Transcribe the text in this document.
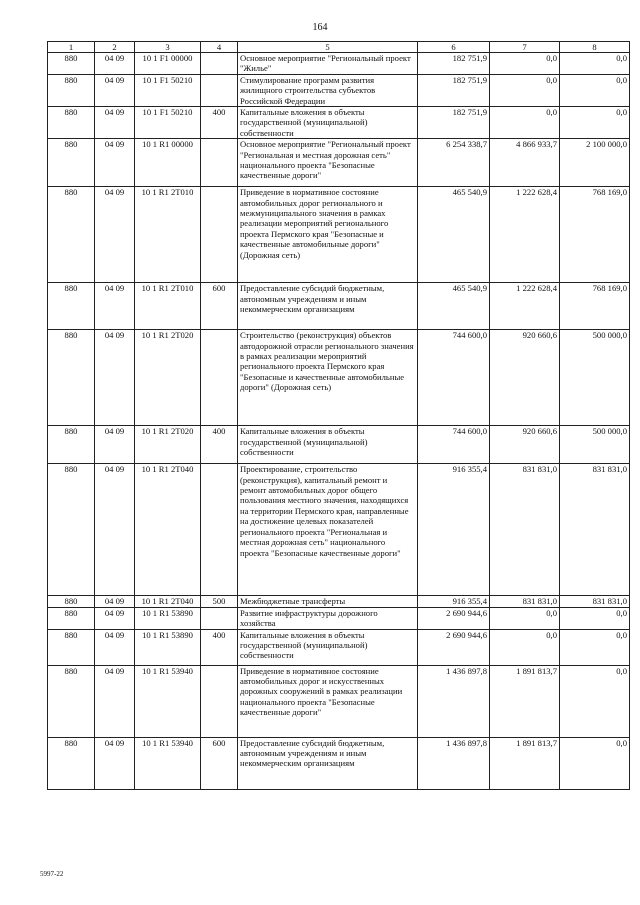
164
1	2	3	4	5	6	7	8
880	04 09	10 1 F1 00000		Основное мероприятие "Региональный проект "Жилье"	182 751,9	0,0	0,0
880	04 09	10 1 F1 50210		Стимулирование программ развития жилищного строительства субъектов Российской Федерации	182 751,9	0,0	0,0
880	04 09	10 1 F1 50210	400	Капитальные вложения в объекты государственной (муниципальной) собственности	182 751,9	0,0	0,0
880	04 09	10 1 R1 00000		Основное мероприятие "Региональный проект "Региональная и местная дорожная сеть" национального проекта "Безопасные качественные дороги"	6 254 338,7	4 866 933,7	2 100 000,0
880	04 09	10 1 R1 2T010		Приведение в нормативное состояние автомобильных дорог регионального и межмуниципального значения в рамках реализации мероприятий регионального проекта Пермского края "Безопасные и качественные автомобильные дороги" (Дорожная сеть)	465 540,9	1 222 628,4	768 169,0
880	04 09	10 1 R1 2T010	600	Предоставление субсидий бюджетным, автономным учреждениям и иным некоммерческим организациям	465 540,9	1 222 628,4	768 169,0
880	04 09	10 1 R1 2T020		Строительство (реконструкция) объектов автодорожной отрасли регионального значения в рамках реализации мероприятий регионального проекта Пермского края "Безопасные и качественные автомобильные дороги" (Дорожная сеть)	744 600,0	920 660,6	500 000,0
880	04 09	10 1 R1 2T020	400	Капитальные вложения в объекты государственной (муниципальной) собственности	744 600,0	920 660,6	500 000,0
880	04 09	10 1 R1 2T040		Проектирование, строительство (реконструкция), капитальный ремонт и ремонт автомобильных дорог общего пользования местного значения, находящихся на территории Пермского края, направленные на достижение целевых показателей регионального проекта "Региональная и местная дорожная сеть" национального проекта "Безопасные качественные дороги"	916 355,4	831 831,0	831 831,0
880	04 09	10 1 R1 2T040	500	Межбюджетные трансферты	916 355,4	831 831,0	831 831,0
880	04 09	10 1 R1 53890		Развитие инфраструктуры дорожного хозяйства	2 690 944,6	0,0	0,0
880	04 09	10 1 R1 53890	400	Капитальные вложения в объекты государственной (муниципальной) собственности	2 690 944,6	0,0	0,0
880	04 09	10 1 R1 53940		Приведение в нормативное состояние автомобильных дорог и искусственных дорожных сооружений в рамках реализации национального проекта "Безопасные качественные дороги"	1 436 897,8	1 891 813,7	0,0
880	04 09	10 1 R1 53940	600	Предоставление субсидий бюджетным, автономным учреждениям и иным некоммерческим организациям	1 436 897,8	1 891 813,7	0,0
5997-22
